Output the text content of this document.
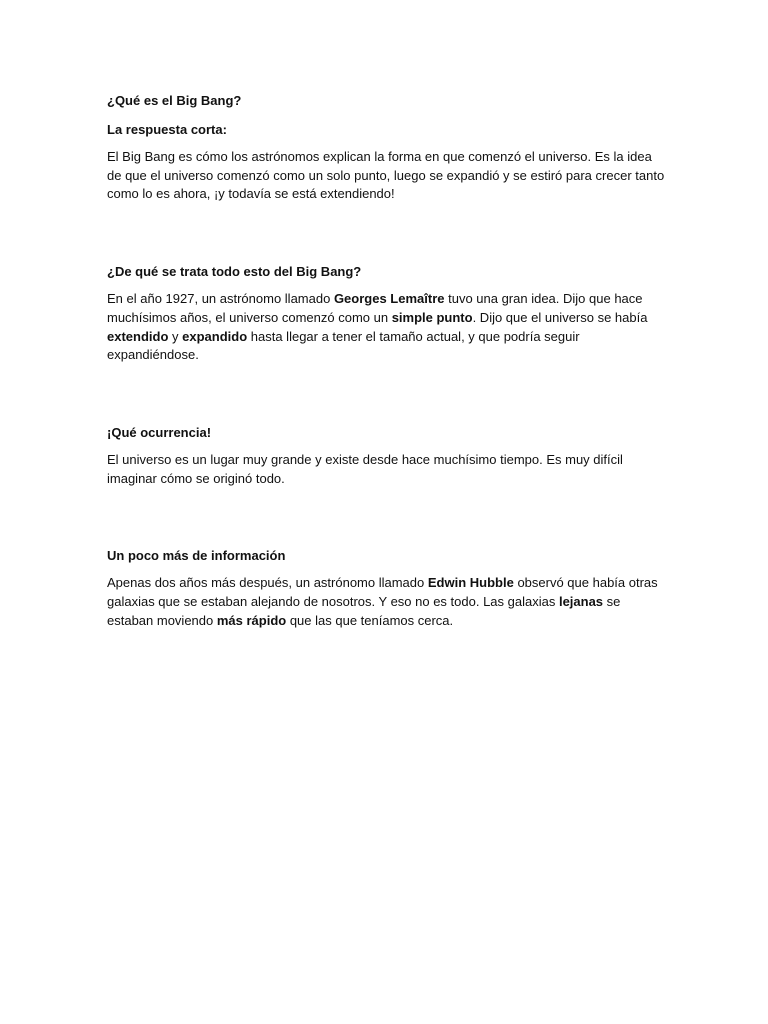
¿Qué es el Big Bang?

La respuesta corta:

El Big Bang es cómo los astrónomos explican la forma en que comenzó el universo. Es la idea de que el universo comenzó como un solo punto, luego se expandió y se estiró para crecer tanto como lo es ahora, ¡y todavía se está extendiendo!

¿De qué se trata todo esto del Big Bang?

En el año 1927, un astrónomo llamado Georges Lemaître tuvo una gran idea. Dijo que hace muchísimos años, el universo comenzó como un simple punto. Dijo que el universo se había extendido y expandido hasta llegar a tener el tamaño actual, y que podría seguir expandiéndose.

¡Qué ocurrencia!

El universo es un lugar muy grande y existe desde hace muchísimo tiempo. Es muy difícil imaginar cómo se originó todo.

Un poco más de información

Apenas dos años más después, un astrónomo llamado Edwin Hubble observó que había otras galaxias que se estaban alejando de nosotros. Y eso no es todo. Las galaxias lejanas se estaban moviendo más rápido que las que teníamos cerca.
